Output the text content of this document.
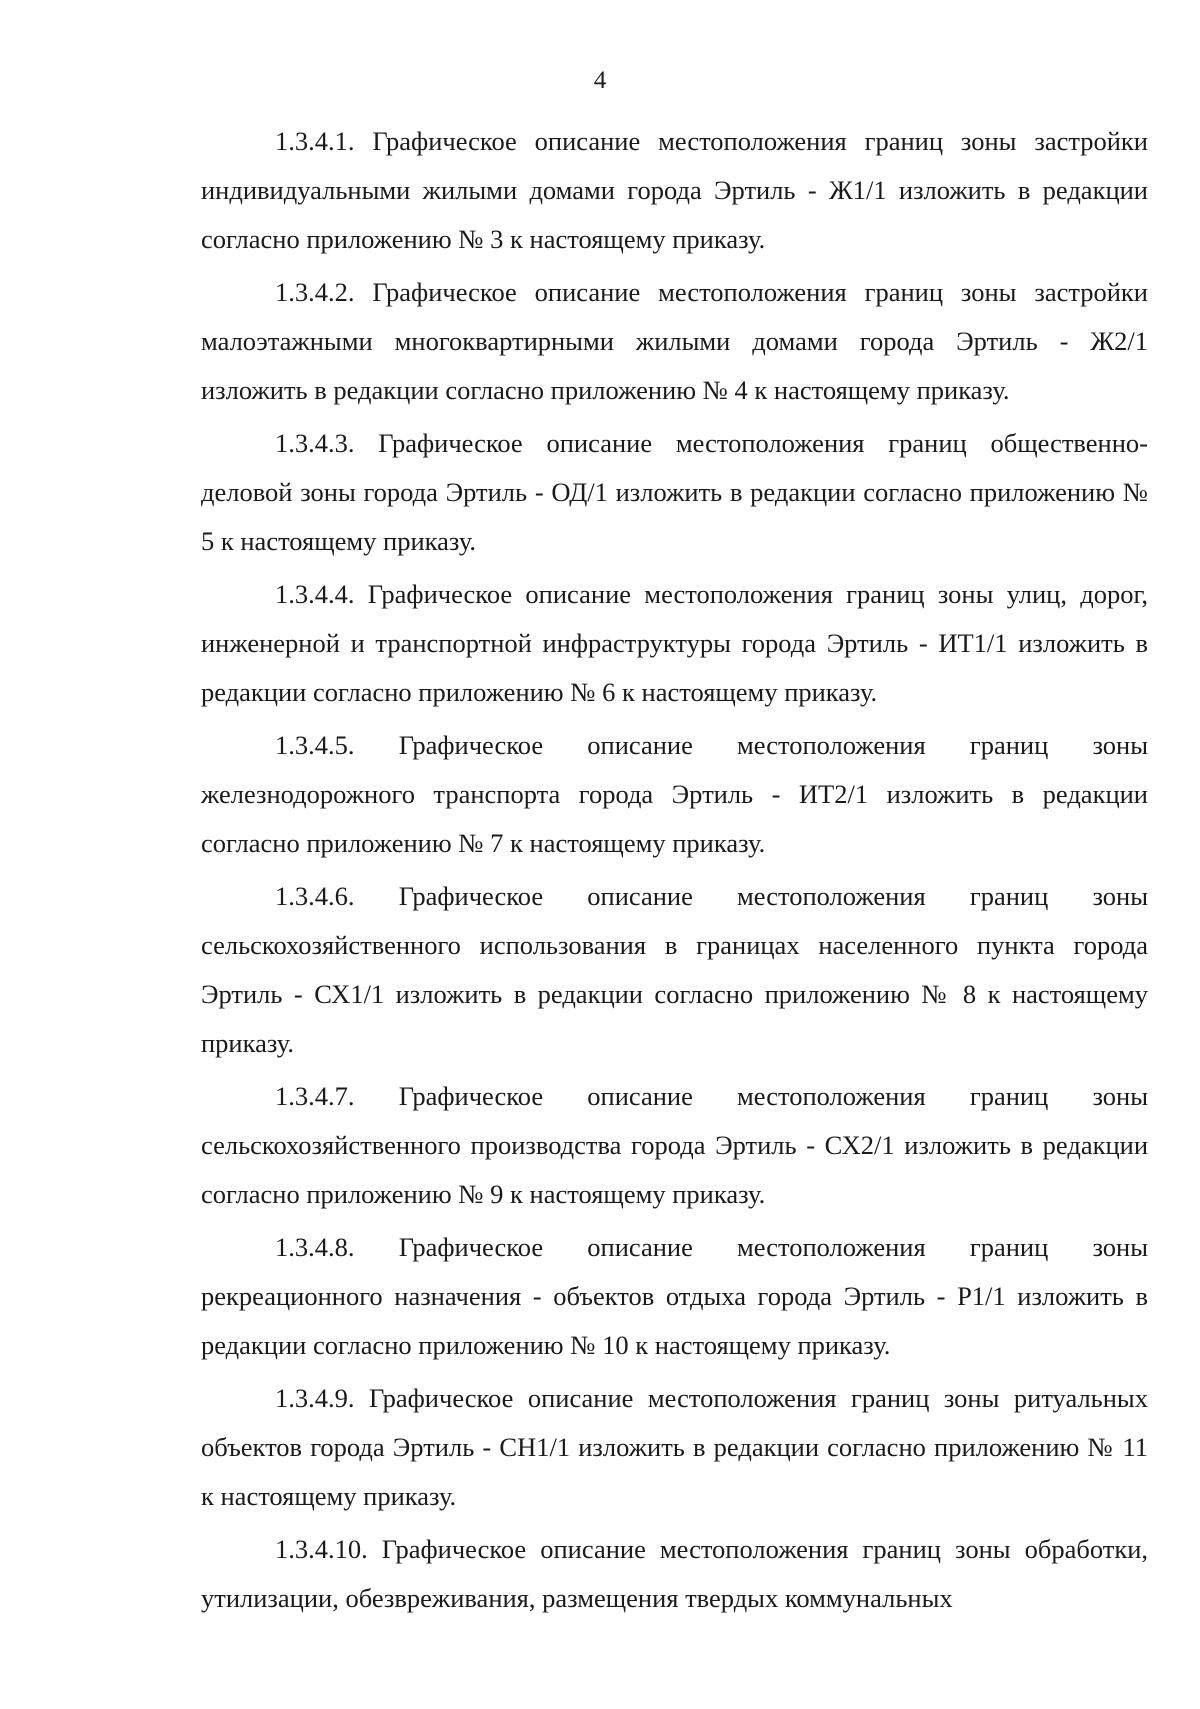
4

1.3.4.1. Графическое описание местоположения границ зоны застройки индивидуальными жилыми домами города Эртиль - Ж1/1 изложить в редакции согласно приложению № 3 к настоящему приказу.

1.3.4.2. Графическое описание местоположения границ зоны застройки малоэтажными многоквартирными жилыми домами города Эртиль - Ж2/1 изложить в редакции согласно приложению № 4 к настоящему приказу.

1.3.4.3. Графическое описание местоположения границ общественно-деловой зоны города Эртиль - ОД/1 изложить в редакции согласно приложению № 5 к настоящему приказу.

1.3.4.4. Графическое описание местоположения границ зоны улиц, дорог, инженерной и транспортной инфраструктуры города Эртиль - ИТ1/1 изложить в редакции согласно приложению № 6 к настоящему приказу.

1.3.4.5. Графическое описание местоположения границ зоны железнодорожного транспорта города Эртиль - ИТ2/1 изложить в редакции согласно приложению № 7 к настоящему приказу.

1.3.4.6. Графическое описание местоположения границ зоны сельскохозяйственного использования в границах населенного пункта города Эртиль - СХ1/1 изложить в редакции согласно приложению № 8 к настоящему приказу.

1.3.4.7. Графическое описание местоположения границ зоны сельскохозяйственного производства города Эртиль - СХ2/1 изложить в редакции согласно приложению № 9 к настоящему приказу.

1.3.4.8. Графическое описание местоположения границ зоны рекреационного назначения - объектов отдыха города Эртиль - Р1/1 изложить в редакции согласно приложению № 10 к настоящему приказу.

1.3.4.9. Графическое описание местоположения границ зоны ритуальных объектов города Эртиль - СН1/1 изложить в редакции согласно приложению № 11 к настоящему приказу.

1.3.4.10. Графическое описание местоположения границ зоны обработки, утилизации, обезвреживания, размещения твердых коммунальных
